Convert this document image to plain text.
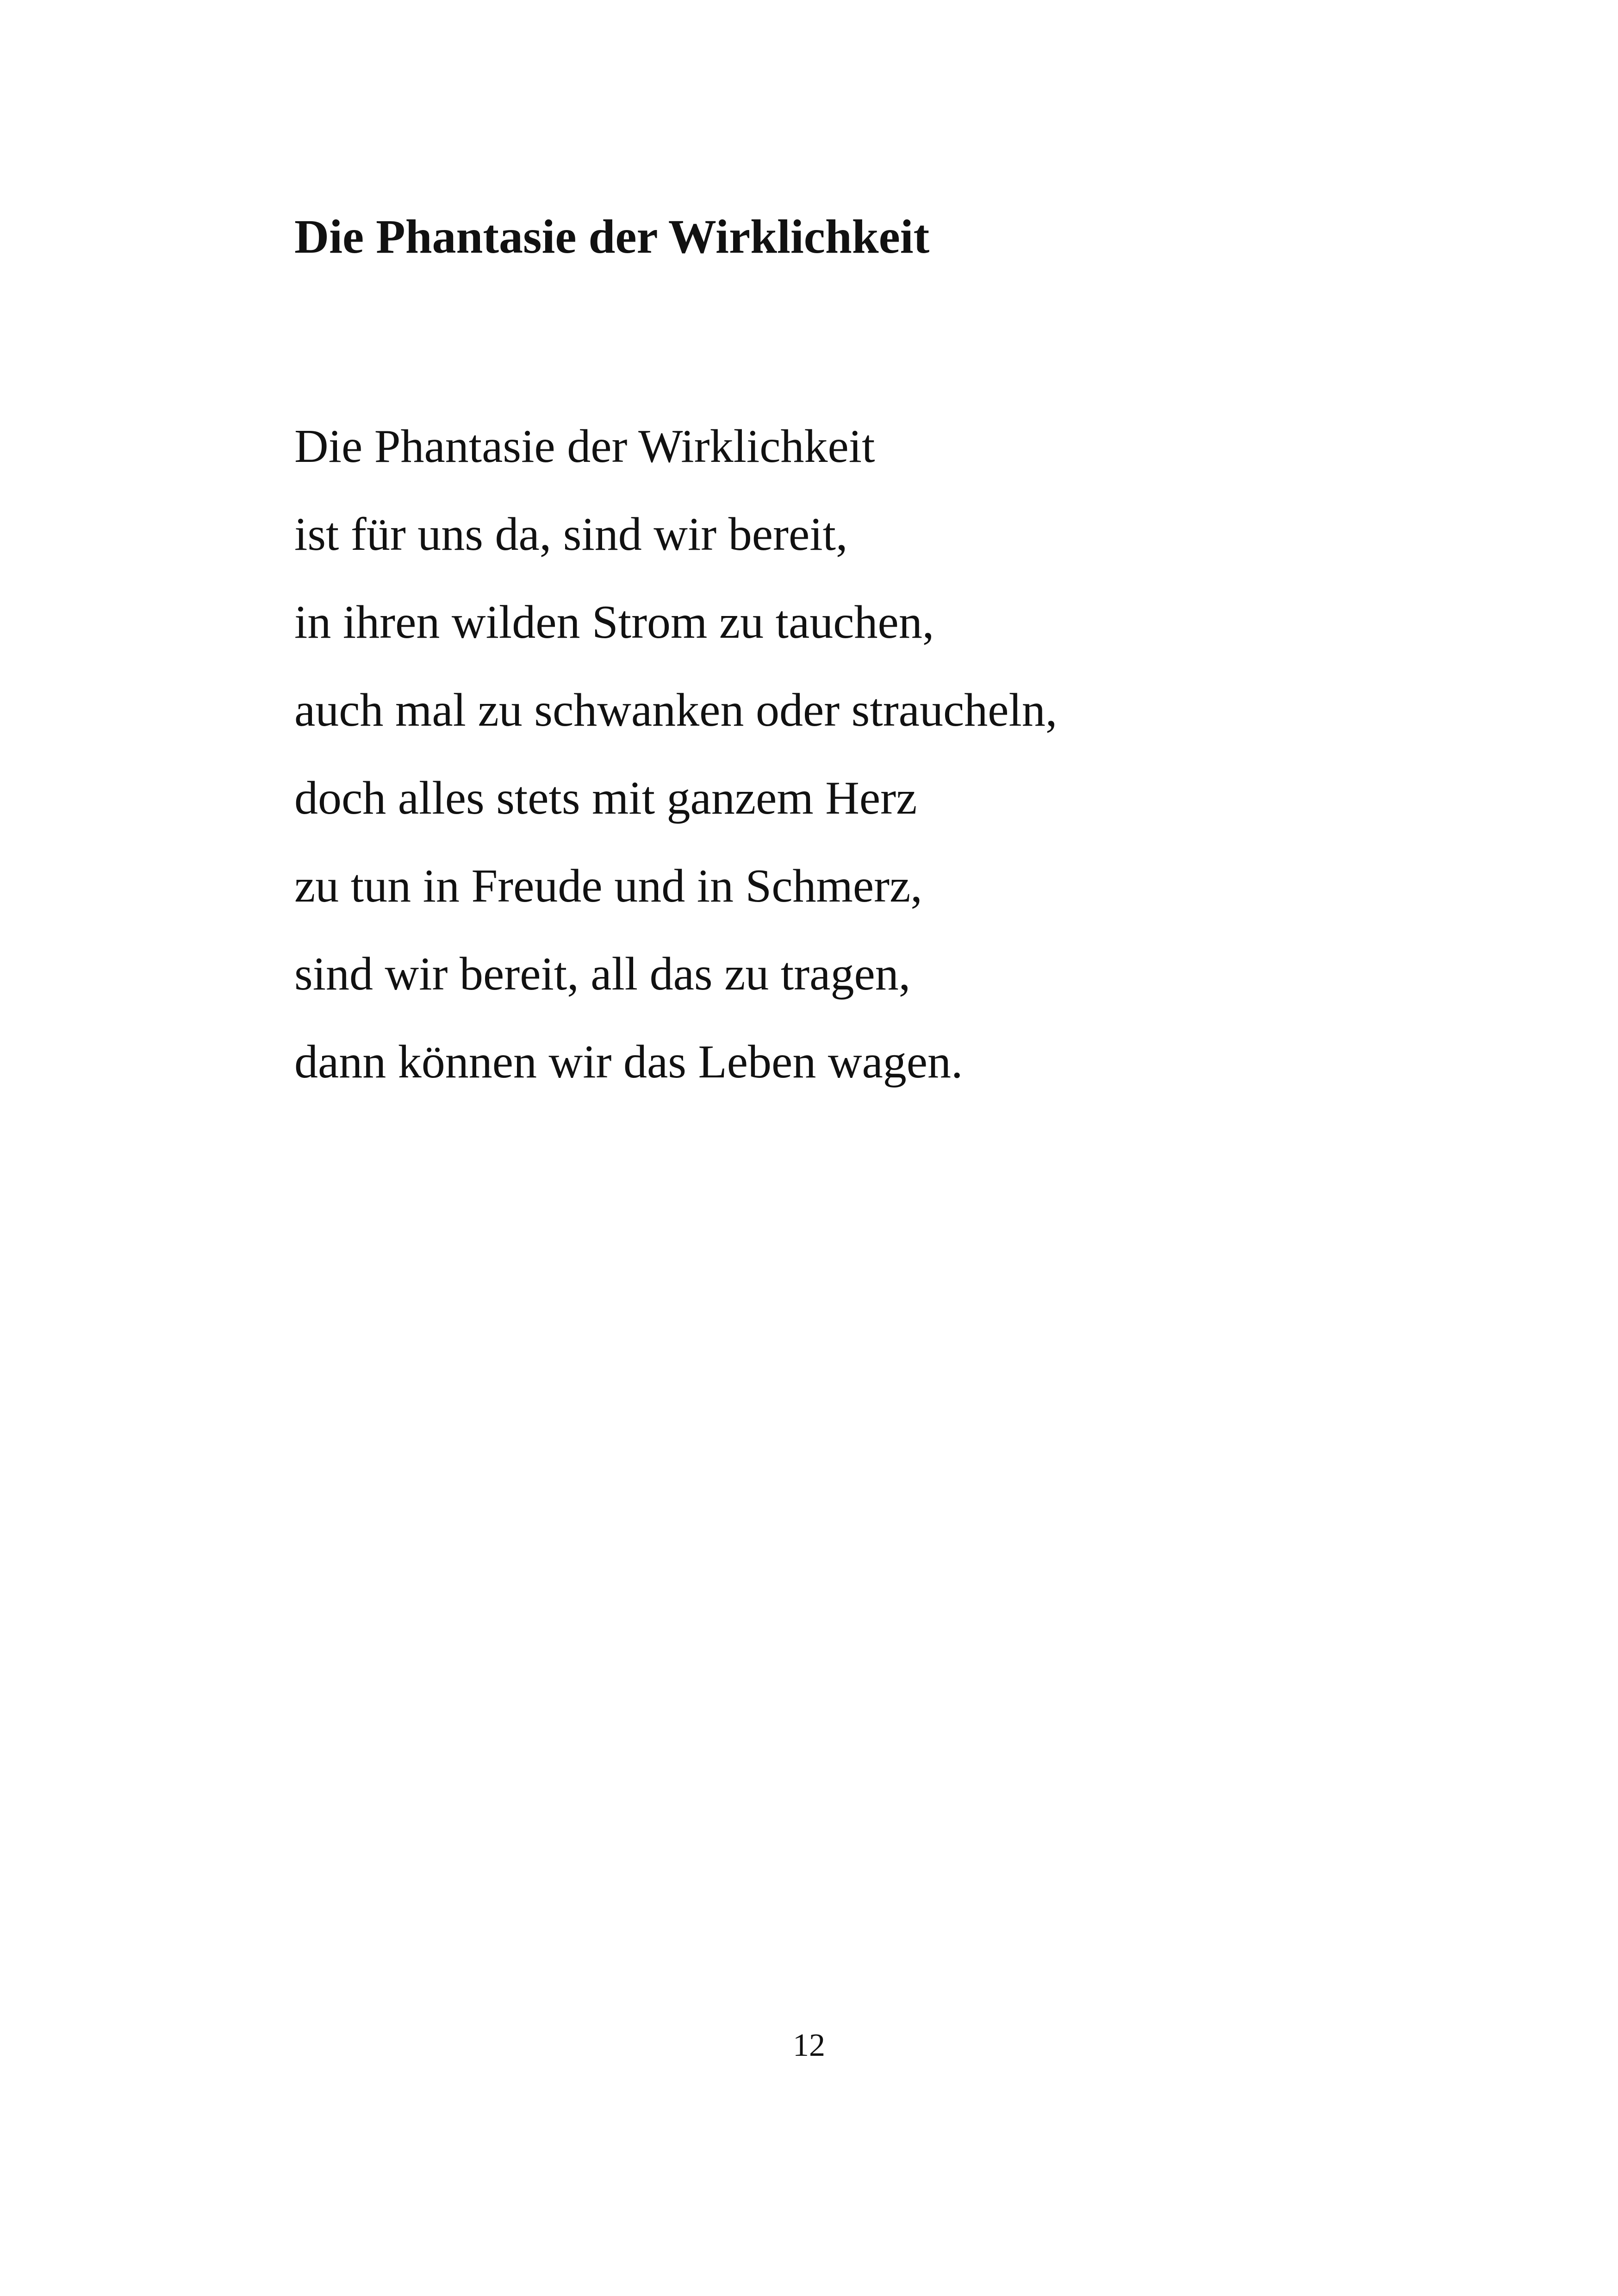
Die Phantasie der Wirklichkeit
Die Phantasie der Wirklichkeit
ist für uns da, sind wir bereit,
in ihren wilden Strom zu tauchen,
auch mal zu schwanken oder straucheln,
doch alles stets mit ganzem Herz
zu tun in Freude und in Schmerz,
sind wir bereit, all das zu tragen,
dann können wir das Leben wagen.
12
